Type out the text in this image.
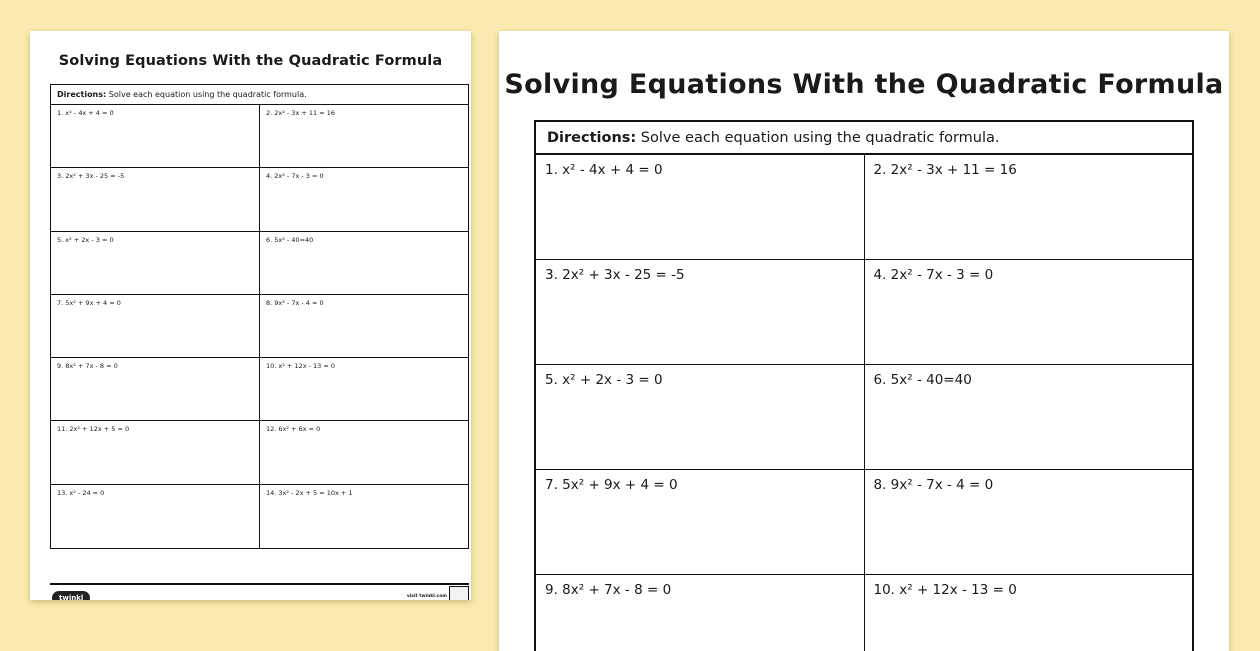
Solving Equations With the Quadratic Formula
Directions: Solve each equation using the quadratic formula.
1. x² - 4x + 4 = 0	2. 2x² - 3x + 11 = 16
3. 2x² + 3x - 25 = -5	4. 2x² - 7x - 3 = 0
5. x² + 2x - 3 = 0	6. 5x² - 40=40
7. 5x² + 9x + 4 = 0	8. 9x² - 7x - 4 = 0
9. 8x² + 7x - 8 = 0	10. x² + 12x - 13 = 0
11. 2x² + 12x + 5 = 0	12. 6x² + 6x = 0
13. x² - 24 = 0	14. 3x² - 2x + 5 = 10x + 1
twinkl	visit twinkl.com
Solving Equations With the Quadratic Formula
Directions: Solve each equation using the quadratic formula.
1. x² - 4x + 4 = 0	2. 2x² - 3x + 11 = 16
3. 2x² + 3x - 25 = -5	4. 2x² - 7x - 3 = 0
5. x² + 2x - 3 = 0	6. 5x² - 40=40
7. 5x² + 9x + 4 = 0	8. 9x² - 7x - 4 = 0
9. 8x² + 7x - 8 = 0	10. x² + 12x - 13 = 0
